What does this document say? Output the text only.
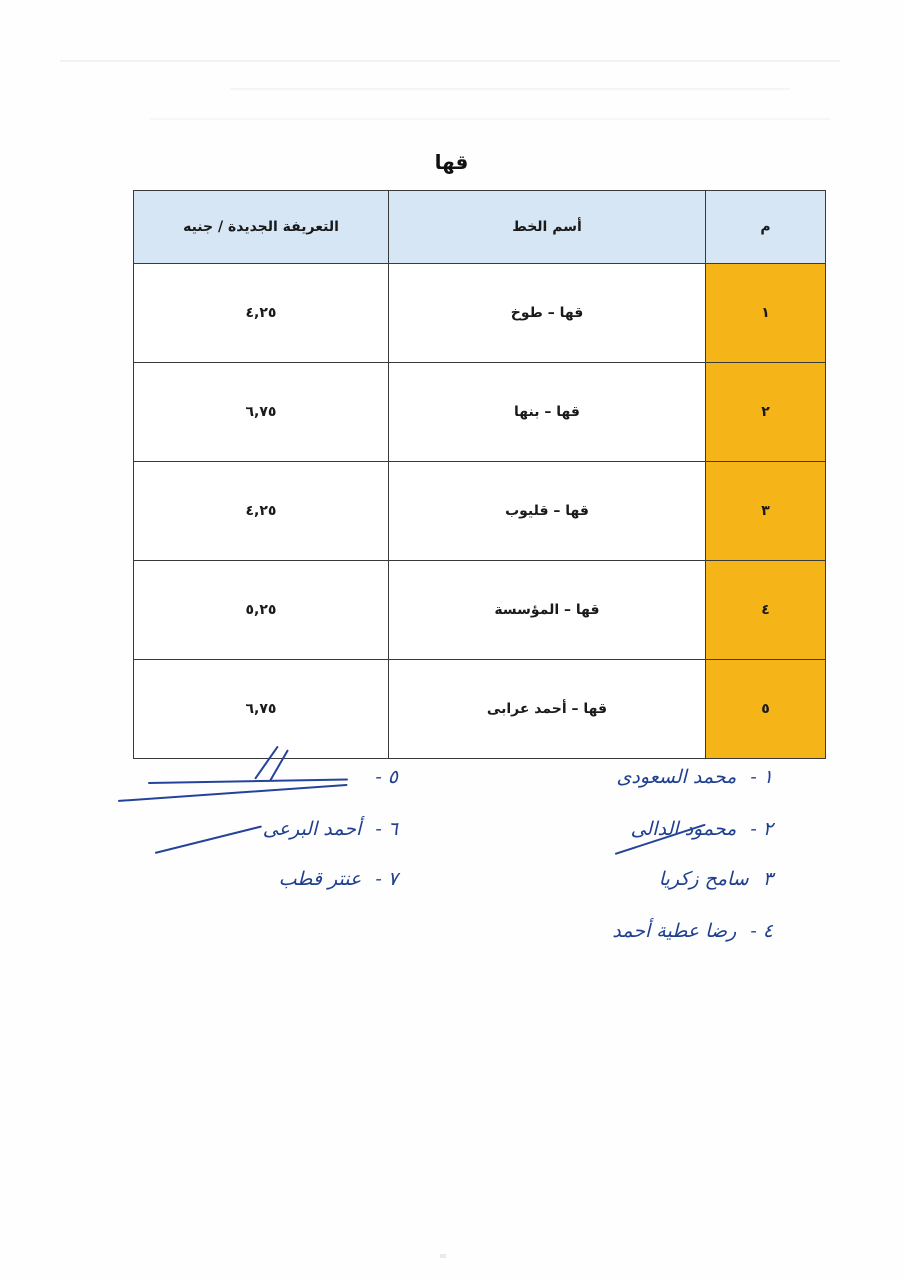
قها
م	أسم الخط	التعريفة الجديدة / جنيه
١	قها – طوخ	٤,٢٥
٢	قها – بنها	٦,٧٥
٣	قها – قليوب	٤,٢٥
٤	قها – المؤسسة	٥,٢٥
٥	قها – أحمد عرابى	٦,٧٥
١ - محمد السعودى
٢ - محمود الدالى
٣ سامح زكريا
٤ - رضا عطية أحمد
٥ -
٦ - أحمد البرعى
٧ - عنتر قطب
